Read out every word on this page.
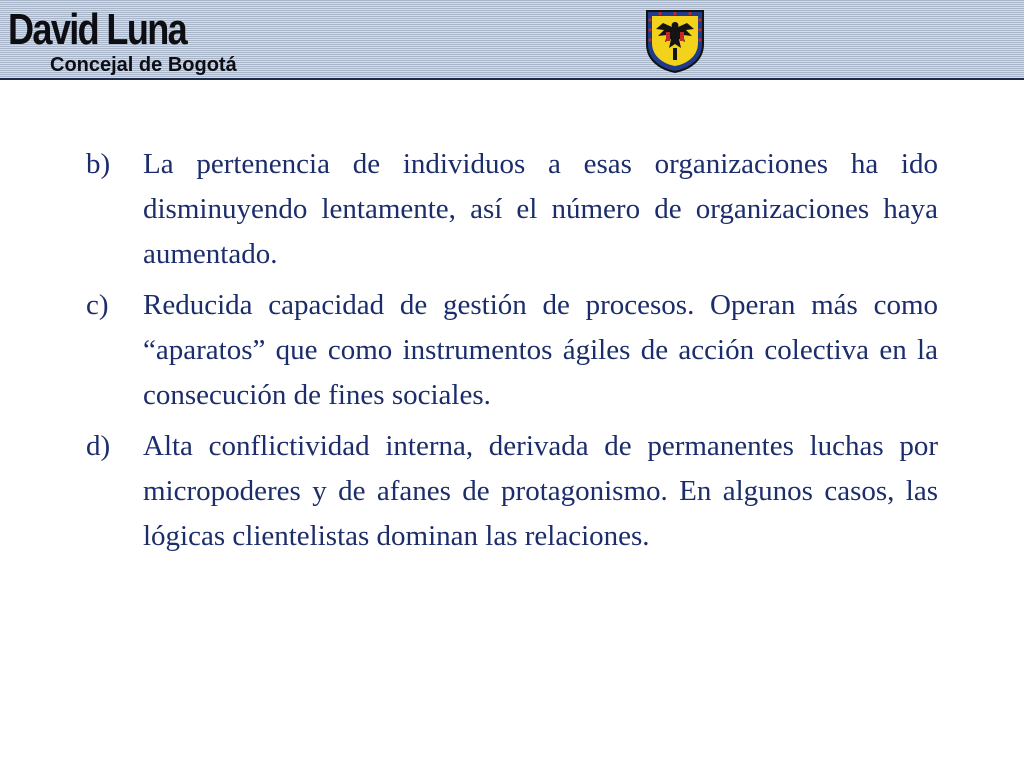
David Luna
Concejal de Bogotá
b)	La pertenencia de individuos a esas organizaciones ha ido disminuyendo lentamente, así el número de organizaciones haya aumentado.
c)	Reducida capacidad de gestión de procesos. Operan más como “aparatos” que como instrumentos ágiles de acción colectiva en la consecución de fines sociales.
d)	Alta conflictividad interna, derivada de permanentes luchas por micropoderes y de afanes de protagonismo. En algunos casos, las lógicas clientelistas dominan las relaciones.
